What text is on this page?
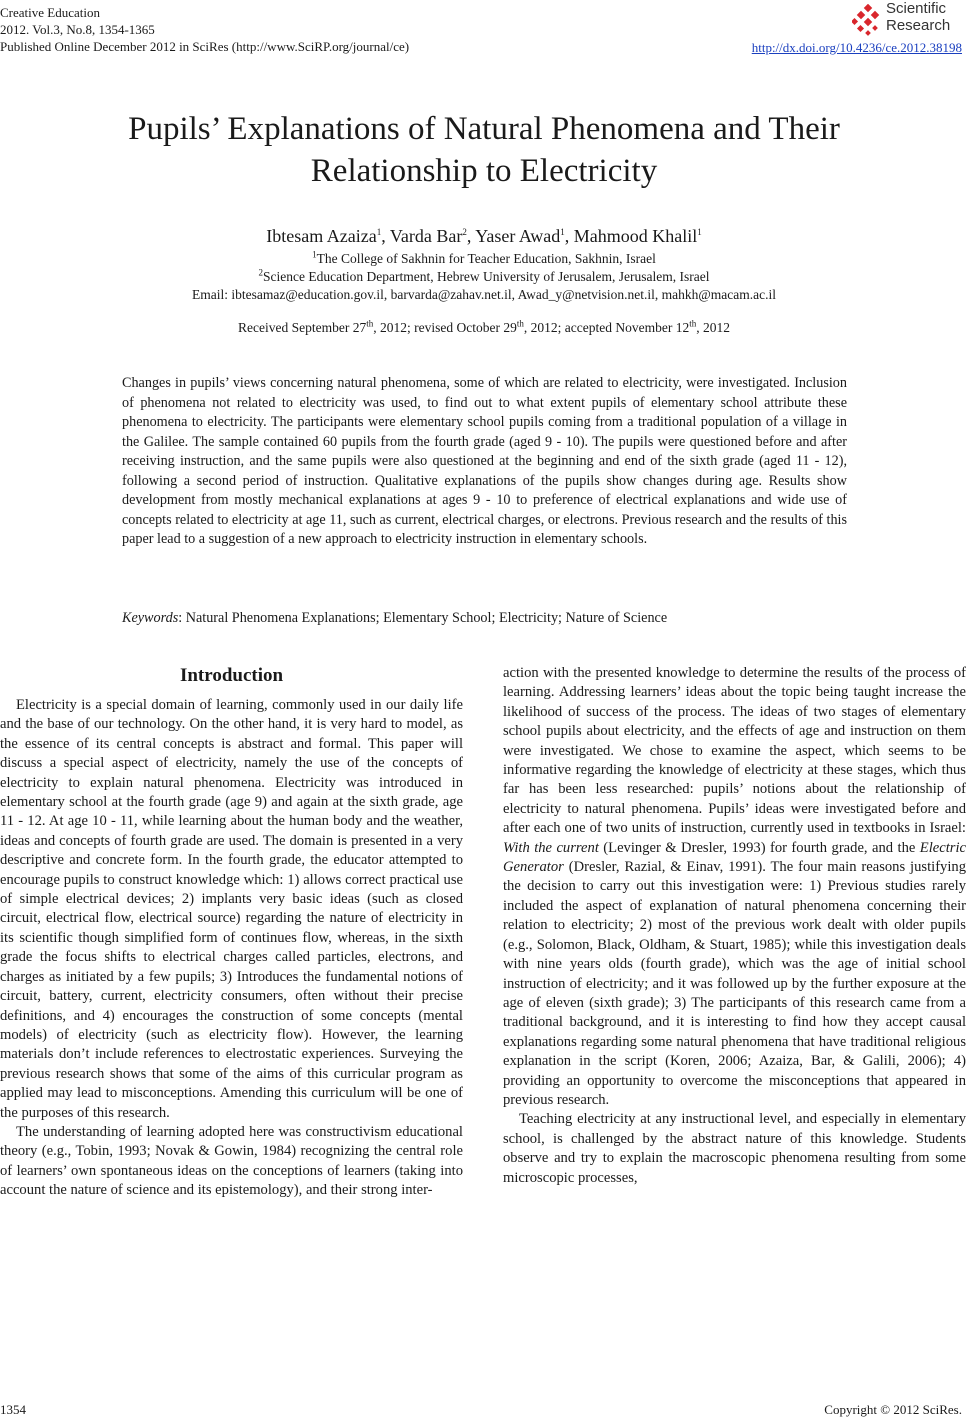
Creative Education
2012. Vol.3, No.8, 1354-1365
Published Online December 2012 in SciRes (http://www.SciRP.org/journal/ce)
Scientific
Research
http://dx.doi.org/10.4236/ce.2012.38198
Pupils’ Explanations of Natural Phenomena and Their
Relationship to Electricity
Ibtesam Azaiza$^1$, Varda Bar$^2$, Yaser Awad$^1$, Mahmood Khalil$^1$
$^1$The College of Sakhnin for Teacher Education, Sakhnin, Israel
$^2$Science Education Department, Hebrew University of Jerusalem, Jerusalem, Israel
Email: ibtesamaz@education.gov.il, barvarda@zahav.net.il, Awad_y@netvision.net.il, mahkh@macam.ac.il
Received September 27th, 2012; revised October 29th, 2012; accepted November 12th, 2012
Changes in pupils’ views concerning natural phenomena, some of which are related to electricity, were investigated. Inclusion of phenomena not related to electricity was used, to find out to what extent pupils of elementary school attribute these phenomena to electricity. The participants were elementary school pupils coming from a traditional population of a village in the Galilee. The sample contained 60 pupils from the fourth grade (aged 9 - 10). The pupils were questioned before and after receiving instruction, and the same pupils were also questioned at the beginning and end of the sixth grade (aged 11 - 12), following a second period of instruction. Qualitative explanations of the pupils show changes during age. Results show development from mostly mechanical explanations at ages 9 - 10 to preference of electrical explanations and wide use of concepts related to electricity at age 11, such as current, electrical charges, or electrons. Previous research and the results of this paper lead to a suggestion of a new approach to electricity instruction in elementary schools.
Keywords: Natural Phenomena Explanations; Elementary School; Electricity; Nature of Science
Introduction

Electricity is a special domain of learning, commonly used in our daily life and the base of our technology. On the other hand, it is very hard to model, as the essence of its central concepts is abstract and formal. This paper will discuss a special aspect of electricity, namely the use of the concepts of electricity to explain natural phenomena. Electricity was introduced in elementary school at the fourth grade (age 9) and again at the sixth grade, age 11 - 12. At age 10 - 11, while learning about the human body and the weather, ideas and concepts of fourth grade are used. The domain is presented in a very descriptive and concrete form. In the fourth grade, the educator attempted to encourage pupils to construct knowledge which: 1) allows correct practical use of simple electrical devices; 2) implants very basic ideas (such as closed circuit, electrical flow, electrical source) regarding the nature of electricity in its scientific though simplified form of continues flow, whereas, in the sixth grade the focus shifts to electrical charges called particles, electrons, and charges as initiated by a few pupils; 3) Introduces the fundamental notions of circuit, battery, current, electricity consumers, often without their precise definitions, and 4) encourages the construction of some concepts (mental models) of electricity (such as electricity flow). However, the learning materials don’t include references to electrostatic experiences. Surveying the previous research shows that some of the aims of this curricular program as applied may lead to misconceptions. Amending this curriculum will be one of the purposes of this research.

The understanding of learning adopted here was constructivism educational theory (e.g., Tobin, 1993; Novak & Gowin, 1984) recognizing the central role of learners’ own spontaneous ideas on the conceptions of learners (taking into account the nature of science and its epistemology), and their strong inter-

action with the presented knowledge to determine the results of the process of learning. Addressing learners’ ideas about the topic being taught increase the likelihood of success of the process. The ideas of two stages of elementary school pupils about electricity, and the effects of age and instruction on them were investigated. We chose to examine the aspect, which seems to be informative regarding the knowledge of electricity at these stages, which thus far has been less researched: pupils’ notions about the relationship of electricity to natural phenomena. Pupils’ ideas were investigated before and after each one of two units of instruction, currently used in textbooks in Israel: With the current (Levinger & Dresler, 1993) for fourth grade, and the Electric Generator (Dresler, Razial, & Einav, 1991). The four main reasons justifying the decision to carry out this investigation were: 1) Previous studies rarely included the aspect of explanation of natural phenomena concerning their relation to electricity; 2) most of the previous work dealt with older pupils (e.g., Solomon, Black, Oldham, & Stuart, 1985); while this investigation deals with nine years olds (fourth grade), which was the age of initial school instruction of electricity; and it was followed up by the further exposure at the age of eleven (sixth grade); 3) The participants of this research came from a traditional background, and it is interesting to find how they accept causal explanations regarding some natural phenomena that have traditional religious explanation in the script (Koren, 2006; Azaiza, Bar, & Galili, 2006); 4) providing an opportunity to overcome the misconceptions that appeared in previous research.

Teaching electricity at any instructional level, and especially in elementary school, is challenged by the abstract nature of this knowledge. Students observe and try to explain the macroscopic phenomena resulting from some microscopic processes,

1354	Copyright © 2012 SciRes.
